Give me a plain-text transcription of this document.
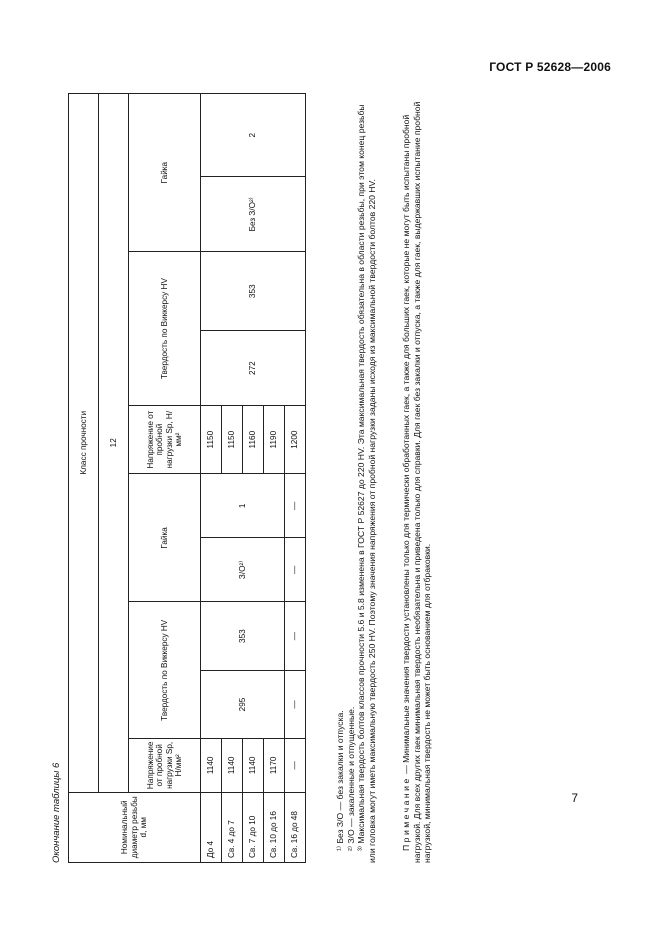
ГОСТ Р 52628—2006
Окончание таблицы 6	Номинальный диаметр резьбы d, мм	Класс прочности									
	12									
	Напряжение от пробной нагрузки Sp, Н/мм²	Твердость по Виккерсу HV		Гайка		Напряжение от пробной нагрузки Sp, Н/мм²	Твердость по Виккерсу HV		Гайка	
До 4	1140	295	353	З/О²⁾	1	1150	272	353	Без З/О²⁾	2
Св. 4 до 7	1140					1150				
Св. 7 до 10	1140					1160				
Св. 10 до 16	1170					1190				
Св. 16 до 48	—	—	—	—	—	1200				

¹⁾ Без З/О — без закалки и отпуска. ²⁾ З/О — закаленные и отпущенные. ³⁾ Максимальная твердость болтов классов прочности 5.6 и 5.8 изменена в ГОСТ Р 52627 до 220 HV. Эта максимальная твердость обязательна в области резьбы, при этом конец резьбы или головка могут иметь максимальную твердость 250 HV. Поэтому значения напряжения от пробной нагрузки заданы исходя из максимальной твердости болтов 220 HV.	Примечание — Минимальные значения твердости установлены только для термически обработанных гаек, а также для больших гаек, которые не могут быть испытаны пробной нагрузкой. Для всех других гаек минимальная твердость необязательна и приведена только для справки. Для гаек без закалки и отпуска, а также для гаек, выдержавших испытание пробной нагрузкой, минимальная твердость не может быть основанием для отбраковки.	7
